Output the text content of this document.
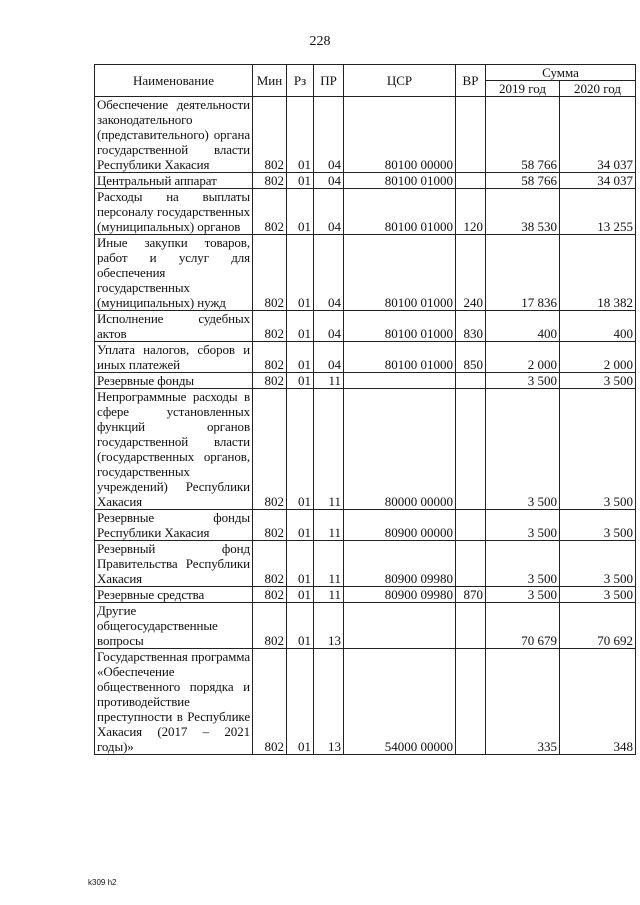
228
Наименование	Мин	Рз	ПР	ЦСР	ВР	Сумма	
						2019 год	2020 год
Обеспечение деятельности законодательного (представительного) органа государственной власти Республики Хакасия	802	01	04	80100 00000		58 766	34 037
Центральный аппарат	802	01	04	80100 01000		58 766	34 037
Расходы на выплаты персоналу государственных (муниципальных) органов	802	01	04	80100 01000	120	38 530	13 255
Иные закупки товаров, работ и услуг для обеспечения государственных (муниципальных) нужд	802	01	04	80100 01000	240	17 836	18 382
Исполнение судебных актов	802	01	04	80100 01000	830	400	400
Уплата налогов, сборов и иных платежей	802	01	04	80100 01000	850	2 000	2 000
Резервные фонды	802	01	11			3 500	3 500
Непрограммные расходы в сфере установленных функций органов государственной власти (государственных органов, государственных учреждений) Республики Хакасия	802	01	11	80000 00000		3 500	3 500
Резервные фонды Республики Хакасия	802	01	11	80900 00000		3 500	3 500
Резервный фонд Правительства Республики Хакасия	802	01	11	80900 09980		3 500	3 500
Резервные средства	802	01	11	80900 09980	870	3 500	3 500
Другие общегосударственные вопросы	802	01	13			70 679	70 692
Государственная программа «Обеспечение общественного порядка и противодействие преступности в Республике Хакасия (2017 – 2021 годы)»	802	01	13	54000 00000		335	348
k309 h2
